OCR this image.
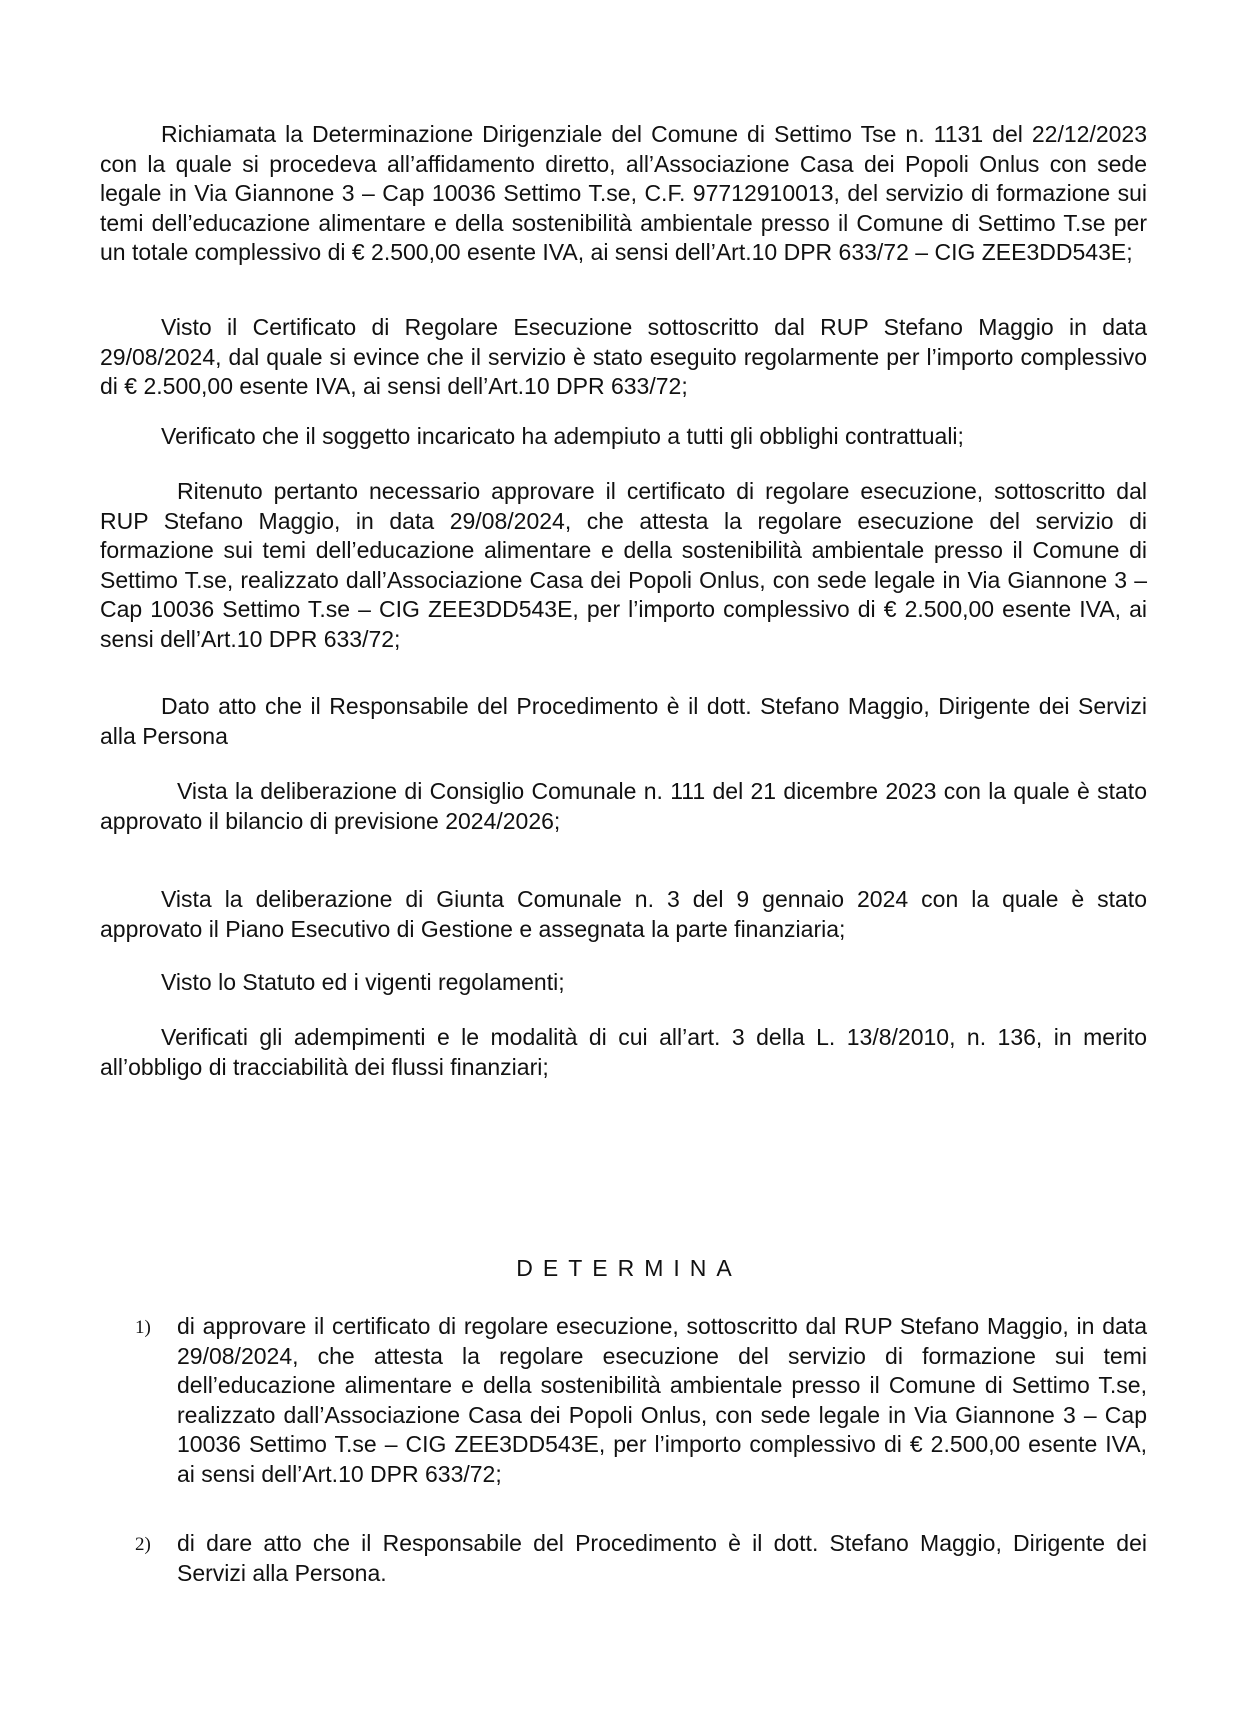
Richiamata la Determinazione Dirigenziale del Comune di Settimo Tse n. 1131 del 22/12/2023 con la quale si procedeva all’affidamento diretto, all’Associazione Casa dei Popoli Onlus con sede legale in Via Giannone 3 – Cap 10036 Settimo T.se, C.F. 97712910013, del servizio di formazione sui temi dell’educazione alimentare e della sostenibilità ambientale presso il Comune di Settimo T.se per un totale complessivo di € 2.500,00 esente IVA, ai sensi dell’Art.10 DPR 633/72 – CIG ZEE3DD543E;

Visto il Certificato di Regolare Esecuzione sottoscritto dal RUP Stefano Maggio in data 29/08/2024, dal quale si evince che il servizio è stato eseguito regolarmente per l’importo complessivo di € 2.500,00 esente IVA, ai sensi dell’Art.10 DPR 633/72;

Verificato che il soggetto incaricato ha adempiuto a tutti gli obblighi contrattuali;

Ritenuto pertanto necessario approvare il certificato di regolare esecuzione, sottoscritto dal RUP Stefano Maggio, in data 29/08/2024, che attesta la regolare esecuzione del servizio di formazione sui temi dell’educazione alimentare e della sostenibilità ambientale presso il Comune di Settimo T.se, realizzato dall’Associazione Casa dei Popoli Onlus, con sede legale in Via Giannone 3 – Cap 10036 Settimo T.se – CIG ZEE3DD543E, per l’importo complessivo di € 2.500,00 esente IVA, ai sensi dell’Art.10 DPR 633/72;

Dato atto che il Responsabile del Procedimento è il dott. Stefano Maggio, Dirigente dei Servizi alla Persona

Vista la deliberazione di Consiglio Comunale n. 111 del 21 dicembre 2023 con la quale è stato approvato il bilancio di previsione 2024/2026;

Vista la deliberazione di Giunta Comunale n. 3 del 9 gennaio 2024 con la quale è stato approvato il Piano Esecutivo di Gestione e assegnata la parte finanziaria;

Visto lo Statuto ed i vigenti regolamenti;

Verificati gli adempimenti e le modalità di cui all’art. 3 della L. 13/8/2010, n. 136, in merito all’obbligo di tracciabilità dei flussi finanziari;

DETERMINA
1) di approvare il certificato di regolare esecuzione, sottoscritto dal RUP Stefano Maggio, in data 29/08/2024, che attesta la regolare esecuzione del servizio di formazione sui temi dell’educazione alimentare e della sostenibilità ambientale presso il Comune di Settimo T.se, realizzato dall’Associazione Casa dei Popoli Onlus, con sede legale in Via Giannone 3 – Cap 10036 Settimo T.se – CIG ZEE3DD543E, per l’importo complessivo di € 2.500,00 esente IVA, ai sensi dell’Art.10 DPR 633/72;
2) di dare atto che il Responsabile del Procedimento è il dott. Stefano Maggio, Dirigente dei Servizi alla Persona.
